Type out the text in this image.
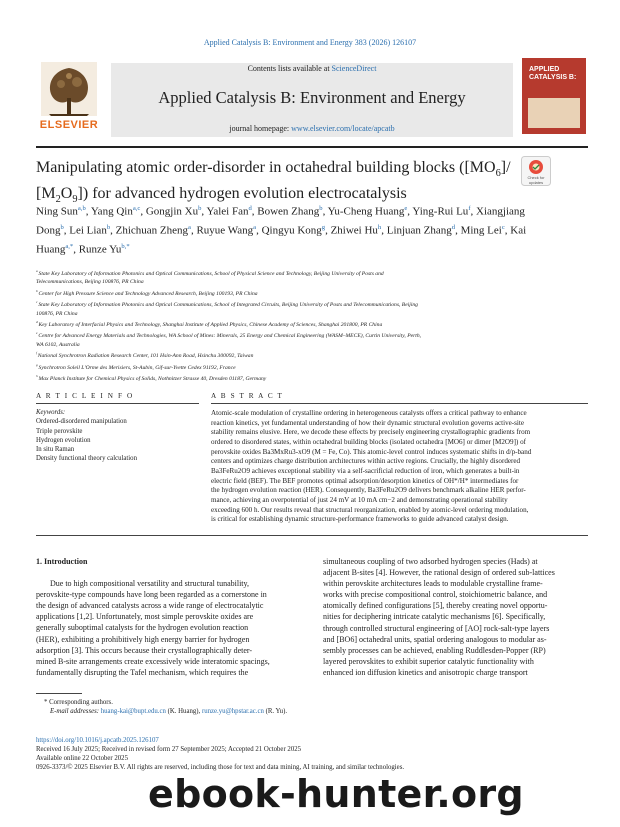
Applied Catalysis B: Environment and Energy 383 (2026) 126107
Contents lists available at ScienceDirect
Applied Catalysis B: Environment and Energy
journal homepage: www.elsevier.com/locate/apcatb
ELSEVIER
APPLIED CATALYSIS B:
Manipulating atomic order-disorder in octahedral building blocks ($[MO_6]/$
$[M_2O_9]$) for advanced hydrogen evolution electrocatalysis
Check for updates
Ning Sun$^{a,b}$, Yang Qin$^{a,c}$, Gongjin Xu$^b$, Yalei Fan$^d$, Bowen Zhang$^b$, Yu-Cheng Huang$^e$, Ying-Rui Lu$^f$, Xiangjiang Dong$^b$, Lei Lian$^b$, Zhichuan Zheng$^a$, Ruyue Wang$^a$, Qingyu Kong$^g$, Zhiwei Hu$^h$, Linjuan Zhang$^d$, Ming Lei$^c$, Kai Huang$^{a,*}$, Runze $Yu^{b,*}$
$^a$ State Key Laboratory of Information Photonics and Optical Communications, School of Physical Science and Technology, Beijing University of Posts and
Telecommunications, Beijing 100876, PR China
$^b$ Center for High Pressure Science and Technology Advanced Research, Beijing 100193, PR China
$^c$ State Key Laboratory of Information Photonics and Optical Communications, School of Integrated Circuits, Beijing University of Posts and Telecommunications, Beijing
100876, PR China
$^d$ Key Laboratory of Interfacial Physics and Technology, Shanghai Institute of Applied Physics, Chinese Academy of Sciences, Shanghai 201800, PR China
$^e$ Centre for Advanced Energy Materials and Technologies, WA School of Mines: Minerals, 25 Energy and Chemical Engineering (WASM–MECE), Curtin University, Perth,
WA 6102, Australia
$^f$ National Synchrotron Radiation Research Center, 101 Hsin-Ann Road, Hsinchu 300092, Taiwan
$^g$ Synchrotron Soleil L'Orme des Merisiers, St-Aubin, Gif-sur-Yvette Cedex 91192, France
$^h$ Max Planck Institute for Chemical Physics of Solids, Nothnitzer Strasse 40, Dresden 01187, Germany
A R T I C L E I N F O	A B S T R A C T
Keywords:
Ordered-disordered manipulation
Triple perovskite
Hydrogen evolution
In situ Raman
Density functional theory calculation
Atomic-scale modulation of crystalline ordering in heterogeneous catalysts offers a critical pathway to enhance
reaction kinetics, yet fundamental understanding of how their dynamic structural evolution governs active-site
stability remains elusive. Here, we decode these effects by precisely engineering crystallographic gradients from
ordered to disordered states, within octahedral building blocks (isolated octahedra [MO6] or dimer [M2O9]) of
perovskite oxides Ba3MxRu3-xO9 (M = Fe, Co). This atomic-level control induces systematic shifts in d/p-band
centers and optimizes charge distribution architectures within active regions. Crucially, the highly disordered
Ba3FeRu2O9 achieves exceptional stability via a self-sacrificial reduction of iron, which generates a built-in
electric field (BEF). The BEF promotes optimal adsorption/desorption kinetics of OH*/H* intermediates for
the hydrogen evolution reaction (HER). Consequently, Ba3FeRu2O9 delivers benchmark alkaline HER perfor-
mance, achieving an overpotential of just 24 mV at 10 mA cm−2 and demonstrating operational stability
exceeding 600 h. Our results reveal that structural reorganization, enabled by atomic-level ordering modulation,
is critical for establishing dynamic structure-performance frameworks to guide advanced catalyst design.
1. Introduction
Due to high compositional versatility and structural tunability,
perovskite-type compounds have long been regarded as a cornerstone in
the design of advanced catalysts across a wide range of electrocatalytic
applications [1,2]. Unfortunately, most simple perovskite oxides are
generally suboptimal catalysts for the hydrogen evolution reaction
(HER), exhibiting a prohibitively high energy barrier for hydrogen
adsorption [3]. This occurs because their crystallographically deter-
mined B-site arrangements create excessively wide interatomic spacings,
fundamentally disrupting the Tafel mechanism, which requires the
simultaneous coupling of two adsorbed hydrogen species (Hads) at
adjacent B-sites [4]. However, the rational design of ordered sub-lattices
within perovskite architectures leads to modulable crystalline frame-
works with precise compositional control, stoichiometric balance, and
atomically defined configurations [5], thereby creating novel opportu-
nities for deciphering intricate catalytic mechanisms [6]. Specifically,
through controlled structural engineering of [AO] rock-salt-type layers
and [BO6] octahedral units, spatial ordering analogous to modular as-
sembly processes can be achieved, enabling Ruddlesden-Popper (RP)
layered perovskites to exhibit superior catalytic functionality with
enhanced ion diffusion kinetics and anisotropic charge transport
* Corresponding authors.
E-mail addresses: huang-kai@bupt.edu.cn (K. Huang), runze.yu@hpstar.ac.cn (R. Yu).
https://doi.org/10.1016/j.apcatb.2025.126107
Received 16 July 2025; Received in revised form 27 September 2025; Accepted 21 October 2025
Available online 22 October 2025
0926-3373/© 2025 Elsevier B.V. All rights are reserved, including those for text and data mining, AI training, and similar technologies.
ebook-hunter.org
